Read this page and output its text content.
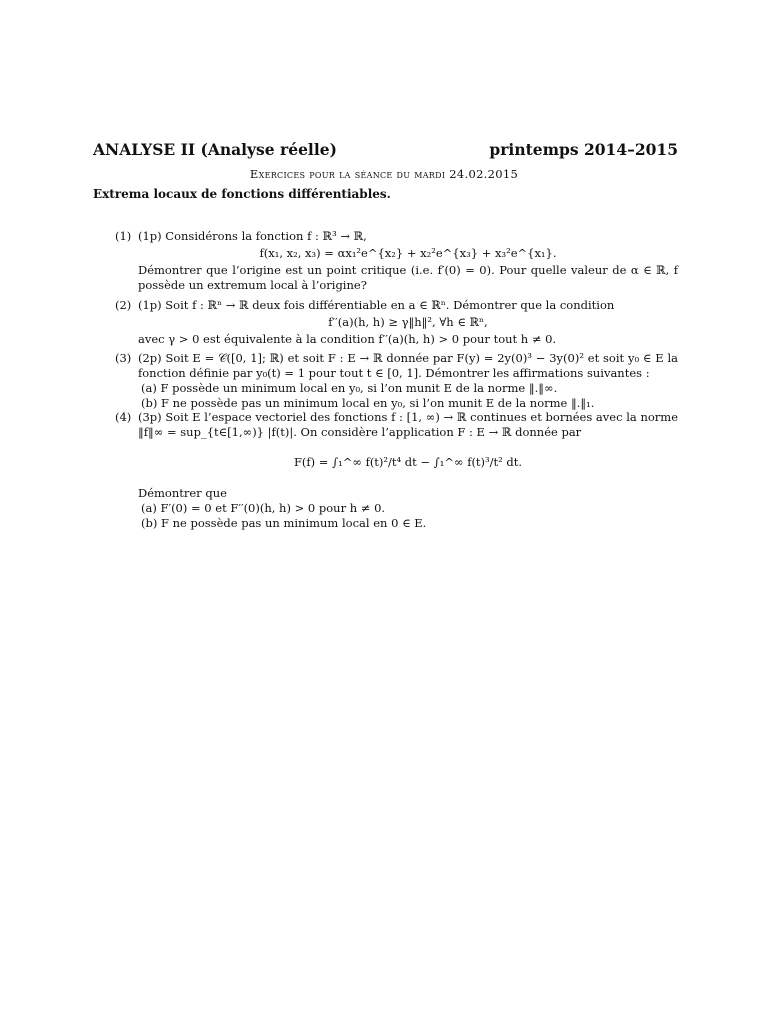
ANALYSE II (Analyse réelle)	printemps 2014–2015
Exercices pour la séance du mardi 24.02.2015
Extrema locaux de fonctions différentiables.
(1) (1p) Considérons la fonction f : ℝ³ → ℝ,
f(x₁, x₂, x₃) = αx₁²e^{x₂} + x₂²e^{x₃} + x₃²e^{x₁}.
Démontrer que l’origine est un point critique (i.e. f′(0) = 0). Pour quelle valeur de α ∈ ℝ, f possède un extremum local à l’origine?
(2) (1p) Soit f : ℝⁿ → ℝ deux fois différentiable en a ∈ ℝⁿ. Démontrer que la condition
f′′(a)(h, h) ≥ γ‖h‖², ∀h ∈ ℝⁿ,
avec γ > 0 est équivalente à la condition f′′(a)(h, h) > 0 pour tout h ≠ 0.
(3) (2p) Soit E = 𝒞([0, 1]; ℝ) et soit F : E → ℝ donnée par F(y) = 2y(0)³ − 3y(0)² et soit y₀ ∈ E la fonction définie par y₀(t) = 1 pour tout t ∈ [0, 1]. Démontrer les affirmations suivantes :
(a) F possède un minimum local en y₀, si l’on munit E de la norme ‖.‖∞.
(b) F ne possède pas un minimum local en y₀, si l’on munit E de la norme ‖.‖₁.
(4) (3p) Soit E l’espace vectoriel des fonctions f : [1, ∞) → ℝ continues et bornées avec la norme ‖f‖∞ = sup_{t∈[1,∞)} |f(t)|. On considère l’application F : E → ℝ donnée par
F(f) = ∫₁^∞ f(t)²/t⁴ dt − ∫₁^∞ f(t)³/t² dt.
Démontrer que
(a) F′(0) = 0 et F′′(0)(h, h) > 0 pour h ≠ 0.
(b) F ne possède pas un minimum local en 0 ∈ E.
